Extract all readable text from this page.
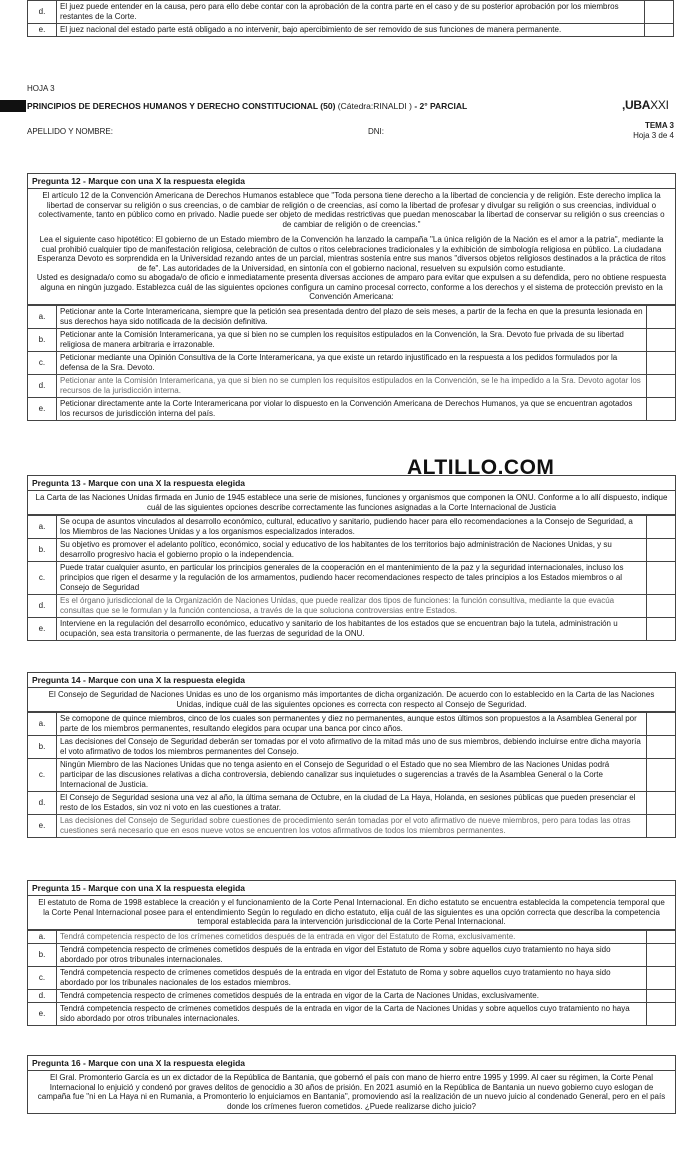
d.	El juez puede entender en la causa, pero para ello debe contar con la aprobación de la contra parte en el caso y de su posterior aprobación por los miembros restantes de la Corte.	
e.	El juez nacional del estado parte está obligado a no intervenir, bajo apercibimiento de ser removido de sus funciones de manera permanente.	
HOJA 3
PRINCIPIOS DE DERECHOS HUMANOS Y DERECHO CONSTITUCIONAL (50) (Cátedra:RINALDI ) - 2° PARCIAL	,UBAXXI
APELLIDO Y NOMBRE:	DNI:
TEMA 3
Hoja 3 de 4
ALTILLO.COM
Pregunta 12 - Marque con una X la respuesta elegida
El artículo 12 de la Convención Americana de Derechos Humanos establece que "Toda persona tiene derecho a la libertad de conciencia y de religión. Este derecho implica la libertad de conservar su religión o sus creencias, o de cambiar de religión o de creencias, así como la libertad de profesar y divulgar su religión o sus creencias, individual o colectivamente, tanto en público como en privado. Nadie puede ser objeto de medidas restrictivas que puedan menoscabar la libertad de conservar su religión o sus creencias o de cambiar de religión o de creencias."
Lea el siguiente caso hipotético: El gobierno de un Estado miembro de la Convención ha lanzado la campaña "La única religión de la Nación es el amor a la patria", mediante la cual prohibió cualquier tipo de manifestación religiosa, celebración de cultos o ritos celebraciones tradicionales y la exhibición de simbología religiosa en público. La ciudadana Esperanza Devoto es sorprendida en la Universidad rezando antes de un parcial, mientras sostenía entre sus manos "diversos objetos religiosos destinados a la práctica de ritos de fe". Las autoridades de la Universidad, en sintonía con el gobierno nacional, resuelven su expulsión como estudiante.
Usted es designada/o como su abogada/o de oficio e inmediatamente presenta diversas acciones de amparo para evitar que expulsen a su defendida, pero no obtiene respuesta alguna en ningún juzgado. Establezca cuál de las siguientes opciones configura un camino procesal correcto, conforme a los derechos y el sistema de protección previsto en la Convención Americana:
a.	Peticionar ante la Corte Interamericana, siempre que la petición sea presentada dentro del plazo de seis meses, a partir de la fecha en que la presunta lesionada en sus derechos haya sido notificada de la decisión definitiva.	
b.	Peticionar ante la Comisión Interamericana, ya que si bien no se cumplen los requisitos estipulados en la Convención, la Sra. Devoto fue privada de su libertad religiosa de manera arbitraria e irrazonable.	
c.	Peticionar mediante una Opinión Consultiva de la Corte Interamericana, ya que existe un retardo injustificado en la respuesta a los pedidos formulados por la defensa de la Sra. Devoto.	
d.	Peticionar ante la Comisión Interamericana, ya que si bien no se cumplen los requisitos estipulados en la Convención, se le ha impedido a la Sra. Devoto agotar los recursos de la jurisdicción interna.	
e.	Peticionar directamente ante la Corte Interamericana por violar lo dispuesto en la Convención Americana de Derechos Humanos, ya que se encuentran agotados los recursos de jurisdicción interna del país.	
Pregunta 13 - Marque con una X la respuesta elegida
La Carta de las Naciones Unidas firmada en Junio de 1945 establece una serie de misiones, funciones y organismos que componen la ONU. Conforme a lo allí dispuesto, indique cuál de las siguientes opciones describe correctamente las funciones asignadas a la Corte Internacional de Justicia
a.	Se ocupa de asuntos vinculados al desarrollo económico, cultural, educativo y sanitario, pudiendo hacer para ello recomendaciones a la Consejo de Seguridad, a los Miembros de las Naciones Unidas y a los organismos especializados interados.	
b.	Su objetivo es promover el adelanto político, económico, social y educativo de los habitantes de los territorios bajo administración de Naciones Unidas, y su desarrollo progresivo hacia el gobierno propio o la independencia.	
c.	Puede tratar cualquier asunto, en particular los principios generales de la cooperación en el mantenimiento de la paz y la seguridad internacionales, incluso los principios que rigen el desarme y la regulación de los armamentos, pudiendo hacer recomendaciones respecto de tales principios a los Estados miembros o al Consejo de Seguridad	
d.	Es el órgano jurisdiccional de la Organización de Naciones Unidas, que puede realizar dos tipos de funciones: la función consultiva, mediante la que evacúa consultas que se le formulan y la función contenciosa, a través de la que soluciona controversias entre Estados.	
e.	Interviene en la regulación del desarrollo económico, educativo y sanitario de los habitantes de los estados que se encuentran bajo la tutela, administración u ocupación, sea esta transitoria o permanente, de las fuerzas de seguridad de la ONU.	
Pregunta 14 - Marque con una X la respuesta elegida
El Consejo de Seguridad de Naciones Unidas es uno de los organismo más importantes de dicha organización. De acuerdo con lo establecido en la Carta de las Naciones Unidas, indique cuál de las siguientes opciones es correcta con respecto al Consejo de Seguridad.
a.	Se comopone de quince miembros, cinco de los cuales son permanentes y diez no permanentes, aunque estos últimos son propuestos a la Asamblea General por parte de los miembros permanentes, resultando elegidos para ocupar una banca por cinco años.	
b.	Las decisiones del Consejo de Seguridad deberán ser tomadas por el voto afirmativo de la mitad más uno de sus miembros, debiendo incluirse entre dicha mayoría el voto afirmativo de todos los miembros permanentes del Consejo.	
c.	Ningún Miembro de las Naciones Unidas que no tenga asiento en el Consejo de Seguridad o el Estado que no sea Miembro de las Naciones Unidas podrá participar de las discusiones relativas a dicha controversia, debiendo canalizar sus inquietudes o sugerencias a través de la Asamblea General o la Corte Internacional de Justicia.	
d.	El Consejo de Seguridad sesiona una vez al año, la última semana de Octubre, en la ciudad de La Haya, Holanda, en sesiones públicas que pueden presenciar el resto de los Estados, sin voz ni voto en las cuestiones a tratar.	
e.	Las decisiones del Consejo de Seguridad sobre cuestiones de procedimiento serán tomadas por el voto afirmativo de nueve miembros, pero para todas las otras cuestiones será necesario que en esos nueve votos se encuentren los votos afirmativos de todos los miembros permanentes.	
Pregunta 15 - Marque con una X la respuesta elegida
El estatuto de Roma de 1998 establece la creación y el funcionamiento de la Corte Penal Internacional. En dicho estatuto se encuentra establecida la competencia temporal que la Corte Penal Internacional posee para el entendimiento Según lo regulado en dicho estatuto, elija cuál de las siguientes es una opción correcta que describa la competencia temporal establecida para la intervención jurisdiccional de la Corte Penal Internacional.
a.	Tendrá competencia respecto de los crímenes cometidos después de la entrada en vigor del Estatuto de Roma, exclusivamente.	
b.	Tendrá competencia respecto de crímenes cometidos después de la entrada en vigor del Estatuto de Roma y sobre aquellos cuyo tratamiento no haya sido abordado por otros tribunales internacionales.	
c.	Tendrá competencia respecto de crímenes cometidos después de la entrada en vigor del Estatuto de Roma y sobre aquellos cuyo tratamiento no haya sido abordado por los tribunales nacionales de los estados miembros.	
d.	Tendrá competencia respecto de crímenes cometidos después de la entrada en vigor de la Carta de Naciones Unidas, exclusivamente.	
e.	Tendrá competencia respecto de crímenes cometidos después de la entrada en vigor de la Carta de Naciones Unidas y sobre aquellos cuyo tratamiento no haya sido abordado por otros tribunales internacionales.	
Pregunta 16 - Marque con una X la respuesta elegida
El Gral. Promonterio García es un ex dictador de la República de Bantania, que gobernó el país con mano de hierro entre 1995 y 1999. Al caer su régimen, la Corte Penal Internacional lo enjuició y condenó por graves delitos de genocidio a 30 años de prisión. En 2021 asumió en la República de Bantania un nuevo gobierno cuyo eslogan de campaña fue "ni en La Haya ni en Rumania, a Promonterio lo enjuiciamos en Bantania", promoviendo así la realización de un nuevo juicio al condenado General, pero en el país donde los crímenes fueron cometidos. ¿Puede realizarse dicho juicio?
